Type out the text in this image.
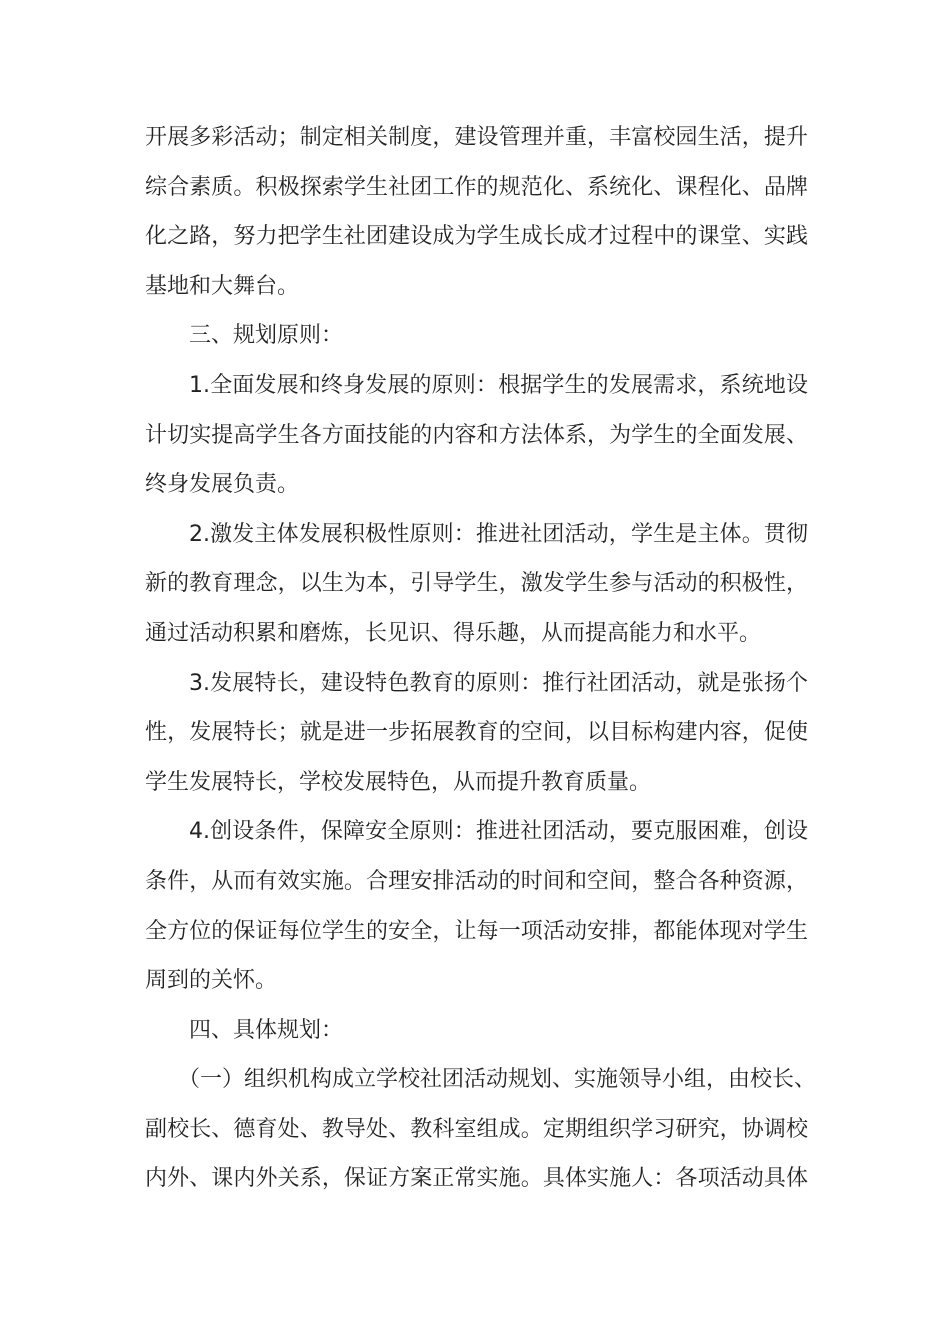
开展多彩活动；制定相关制度，建设管理并重，丰富校园生活，提升
综合素质。积极探索学生社团工作的规范化、系统化、课程化、品牌
化之路，努力把学生社团建设成为学生成长成才过程中的课堂、实践
基地和大舞台。
三、规划原则：
1.全面发展和终身发展的原则：根据学生的发展需求，系统地设
计切实提高学生各方面技能的内容和方法体系，为学生的全面发展、
终身发展负责。
2.激发主体发展积极性原则：推进社团活动，学生是主体。贯彻
新的教育理念，以生为本，引导学生，激发学生参与活动的积极性，
通过活动积累和磨炼，长见识、得乐趣，从而提高能力和水平。
3.发展特长，建设特色教育的原则：推行社团活动，就是张扬个
性，发展特长；就是进一步拓展教育的空间，以目标构建内容，促使
学生发展特长，学校发展特色，从而提升教育质量。
4.创设条件，保障安全原则：推进社团活动，要克服困难，创设
条件，从而有效实施。合理安排活动的时间和空间，整合各种资源，
全方位的保证每位学生的安全，让每一项活动安排，都能体现对学生
周到的关怀。
四、具体规划：
（一）组织机构成立学校社团活动规划、实施领导小组，由校长、
副校长、德育处、教导处、教科室组成。定期组织学习研究，协调校
内外、课内外关系，保证方案正常实施。具体实施人：各项活动具体
